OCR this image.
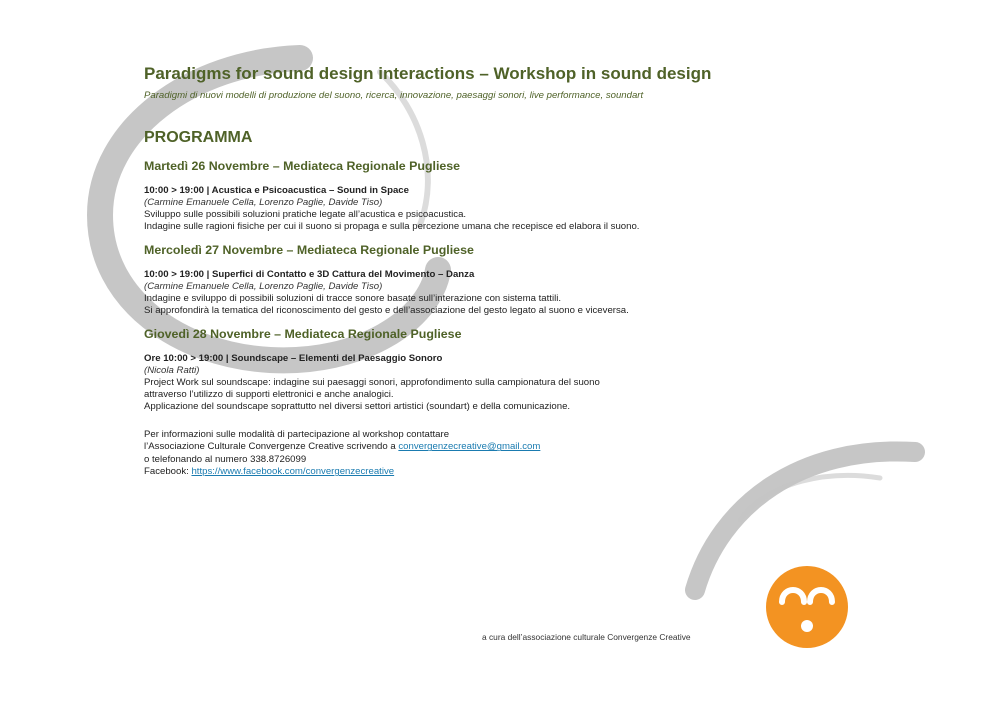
Paradigms for sound design interactions – Workshop in sound design

Paradigmi di nuovi modelli di produzione del suono, ricerca, innovazione, paesaggi sonori, live performance, soundart

PROGRAMMA
Martedì 26 Novembre – Mediateca Regionale Pugliese

10:00 > 19:00 | Acustica e Psicoacustica – Sound in Space

(Carmine Emanuele Cella, Lorenzo Paglie, Davide Tiso)

Sviluppo sulle possibili soluzioni pratiche legate all’acustica e psicoacustica.

Indagine sulle ragioni fisiche per cui il suono si propaga e sulla percezione umana che recepisce ed elabora il suono.

Mercoledì 27 Novembre – Mediateca Regionale Pugliese

10:00 > 19:00 | Superfici di Contatto e 3D Cattura del Movimento – Danza

(Carmine Emanuele Cella, Lorenzo Paglie, Davide Tiso)

Indagine e sviluppo di possibili soluzioni di tracce sonore basate sull’interazione con sistema tattili.

Si approfondirà la tematica del riconoscimento del gesto e dell’associazione del gesto legato al suono e viceversa.

Giovedì 28 Novembre – Mediateca Regionale Pugliese

Ore 10:00 > 19:00 | Soundscape – Elementi del Paesaggio Sonoro

(Nicola Ratti)

Project Work sul soundscape: indagine sui paesaggi sonori, approfondimento sulla campionatura del suono

attraverso l’utilizzo di supporti elettronici e anche analogici.

Applicazione del soundscape soprattutto nel diversi settori artistici (soundart) e della comunicazione.

Per informazioni sulle modalità di partecipazione al workshop contattare

l’Associazione Culturale Convergenze Creative scrivendo a convergenzecreative@gmail.com

o telefonando al numero 338.8726099

Facebook: https://www.facebook.com/convergenzecreative

a cura dell’associazione culturale Convergenze Creative
